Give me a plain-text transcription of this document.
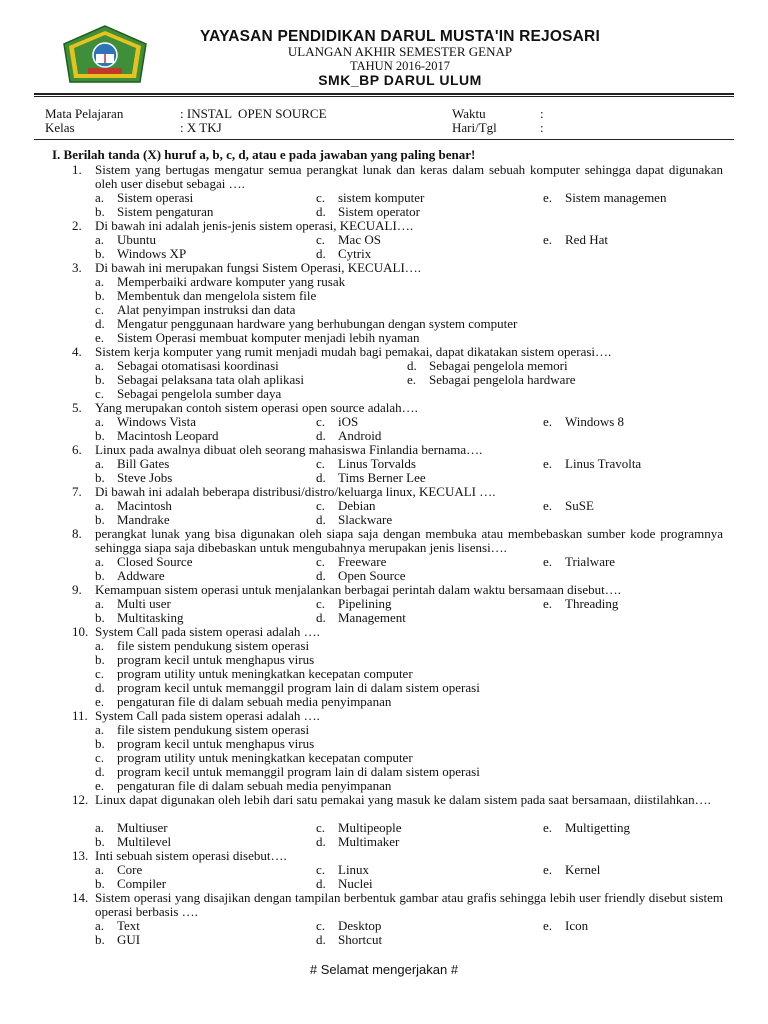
YAYASAN PENDIDIKAN DARUL MUSTA'IN REJOSARI
ULANGAN AKHIR SEMESTER GENAP
TAHUN 2016-2017
SMK_BP DARUL ULUM
Mata Pelajaran	: INSTAL  OPEN SOURCE	Waktu	:
Kelas	: X TKJ	Hari/Tgl	:
I. Berilah tanda (X) huruf a, b, c, d, atau e pada jawaban yang paling benar!
1.	Sistem yang bertugas mengatur semua perangkat lunak dan keras dalam sebuah komputer sehingga dapat digunakan oleh user disebut sebagai ….
a. Sistem operasi	c. sistem komputer	e. Sistem managemen
b. Sistem pengaturan	d. Sistem operator
2.	Di bawah ini adalah jenis-jenis sistem operasi, KECUALI….
a. Ubuntu	c. Mac OS	e. Red Hat
b. Windows XP	d. Cytrix
3.	Di bawah ini merupakan fungsi Sistem Operasi, KECUALI….
a. Memperbaiki ardware komputer yang rusak
b. Membentuk dan mengelola sistem file
c. Alat penyimpan instruksi dan data
d. Mengatur penggunaan hardware yang berhubungan dengan system computer
e. Sistem Operasi membuat komputer menjadi lebih nyaman
4.	Sistem kerja komputer yang rumit menjadi mudah bagi pemakai, dapat dikatakan sistem operasi….
a. Sebagai otomatisasi koordinasi	d. Sebagai pengelola memori
b. Sebagai pelaksana tata olah aplikasi	e. Sebagai pengelola hardware
c. Sebagai pengelola sumber daya
5.	Yang merupakan contoh sistem operasi open source adalah….
a. Windows Vista	c. iOS	e. Windows 8
b. Macintosh Leopard	d. Android
6.	Linux pada awalnya dibuat oleh seorang mahasiswa Finlandia bernama….
a. Bill Gates	c. Linus Torvalds	e. Linus Travolta
b. Steve Jobs	d. Tims Berner Lee
7.	Di bawah ini adalah beberapa distribusi/distro/keluarga linux, KECUALI ….
a. Macintosh	c. Debian	e. SuSE
b. Mandrake	d. Slackware
8.	perangkat lunak yang bisa digunakan oleh siapa saja dengan membuka atau membebaskan sumber kode programnya sehingga siapa saja dibebaskan untuk mengubahnya merupakan jenis lisensi….
a. Closed Source	c. Freeware	e. Trialware
b. Addware	d. Open Source
9.	Kemampuan sistem operasi untuk menjalankan berbagai perintah dalam waktu bersamaan disebut….
a. Multi user	c. Pipelining	e. Threading
b. Multitasking	d. Management
10. System Call pada sistem operasi adalah ….
a. file sistem pendukung sistem operasi
b. program kecil untuk menghapus virus
c. program utility untuk meningkatkan kecepatan computer
d. program kecil untuk memanggil program lain di dalam sistem operasi
e. pengaturan file di dalam sebuah media penyimpanan
11. System Call pada sistem operasi adalah ….
a. file sistem pendukung sistem operasi
b. program kecil untuk menghapus virus
c. program utility untuk meningkatkan kecepatan computer
d. program kecil untuk memanggil program lain di dalam sistem operasi
e. pengaturan file di dalam sebuah media penyimpanan
12. Linux dapat digunakan oleh lebih dari satu pemakai yang masuk ke dalam sistem pada saat bersamaan, diistilahkan….
a. Multiuser	c. Multipeople	e. Multigetting
b. Multilevel	d. Multimaker
13. Inti sebuah sistem operasi disebut….
a. Core	c. Linux	e. Kernel
b. Compiler	d. Nuclei
14. Sistem operasi yang disajikan dengan tampilan berbentuk gambar atau grafis sehingga lebih user friendly disebut sistem operasi berbasis ….
a. Text	c. Desktop	e. Icon
b. GUI	d. Shortcut
# Selamat mengerjakan #
